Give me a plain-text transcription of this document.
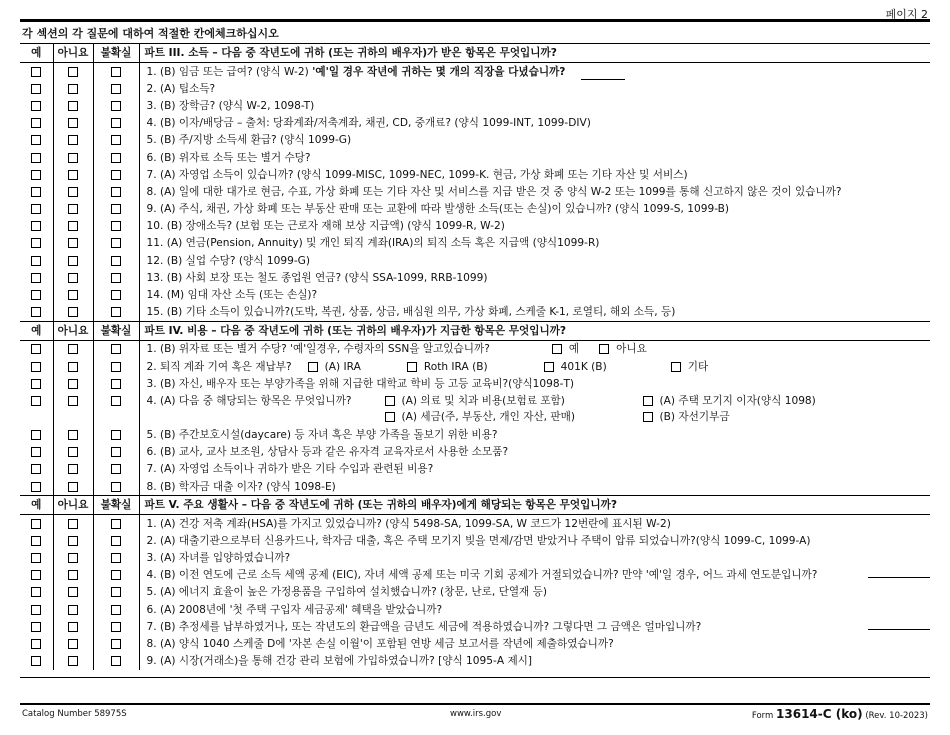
페이지 2
각 섹션의 각 질문에 대하여 적절한 칸에체크하십시오
예	아니요	불확실	파트 III. 소득 – 다음 중 작년도에 귀하 (또는 귀하의 배우자)가 받은 항목은 무엇입니까?
			1. (B) 임금 또는 급여? (양식 W-2) '예'일 경우 작년에 귀하는 몇 개의 직장을 다녔습니까?
			2. (A) 팁소득?
			3. (B) 장학금? (양식 W-2, 1098-T)
			4. (B) 이자/배당금 – 출처: 당좌계좌/저축계좌, 채권, CD, 중개료? (양식 1099-INT, 1099-DIV)
			5. (B) 주/지방 소득세 환급? (양식 1099-G)
			6. (B) 위자료 소득 또는 별거 수당?
			7. (A) 자영업 소득이 있습니까? (양식 1099-MISC, 1099-NEC, 1099-K. 현금, 가상 화폐 또는 기타 자산 및 서비스)
			8. (A) 일에 대한 대가로 현금, 수표, 가상 화폐 또는 기타 자산 및 서비스를 지급 받은 것 중 양식 W-2 또는 1099를 통해 신고하지 않은 것이 있습니까?
			9. (A) 주식, 채권, 가상 화폐 또는 부동산 판매 또는 교환에 따라 발생한 소득(또는 손실)이 있습니까? (양식 1099-S, 1099-B)
			10. (B) 장애소득? (보험 또는 근로자 재해 보상 지급액) (양식 1099-R, W-2)
			11. (A) 연금(Pension, Annuity) 및 개인 퇴직 계좌(IRA)의 퇴직 소득 혹은 지급액 (양식1099-R)
			12. (B) 실업 수당? (양식 1099-G)
			13. (B) 사회 보장 또는 철도 종업원 연금? (양식 SSA-1099, RRB-1099)
			14. (M) 임대 자산 소득 (또는 손실)?
			15. (B) 기타 소득이 있습니까?(도박, 복권, 상품, 상금, 배심원 의무, 가상 화폐, 스케줄 K-1, 로열티, 해외 소득, 등)
예	아니요	불확실	파트 IV. 비용 – 다음 중 작년도에 귀하 (또는 귀하의 배우자)가 지급한 항목은 무엇입니까?
			1. (B) 위자료 또는 별거 수당? '예'일경우, 수령자의 SSN을 알고있습니까? 예 아니요
			2. 퇴직 계좌 기여 혹은 재납부? (A) IRA Roth IRA (B) 401K (B) 기타
			3. (B) 자신, 배우자 또는 부양가족을 위해 지급한 대학교 학비 등 고등 교육비?(양식1098-T)

			4. (A) 다음 중 해당되는 항목은 무엇입니까? (A) 의료 및 치과 비용(보험료 포함) (A) 주택 모기지 이자(양식 1098)
(A) 세금(주, 부동산, 개인 자산, 판매) (B) 자선기부금

			5. (B) 주간보호시설(daycare) 등 자녀 혹은 부양 가족을 돌보기 위한 비용?
			6. (B) 교사, 교사 보조원, 상담사 등과 같은 유자격 교육자로서 사용한 소모품?
			7. (A) 자영업 소득이나 귀하가 받은 기타 수입과 관련된 비용?
			8. (B) 학자금 대출 이자? (양식 1098-E)
예	아니요	불확실	파트 V. 주요 생활사 – 다음 중 작년도에 귀하 (또는 귀하의 배우자)에게 해당되는 항목은 무엇입니까?
			1. (A) 건강 저축 계좌(HSA)를 가지고 있었습니까? (양식 5498-SA, 1099-SA, W 코드가 12번란에 표시된 W-2)
			2. (A) 대출기관으로부터 신용카드나, 학자금 대출, 혹은 주택 모기지 빚을 면제/감면 받았거나 주택이 압류 되었습니까?(양식 1099-C, 1099-A)
			3. (A) 자녀를 입양하였습니까?
			4. (B) 이전 연도에 근로 소득 세액 공제 (EIC), 자녀 세액 공제 또는 미국 기회 공제가 거절되었습니까? 만약 '예'일 경우, 어느 과세 연도분입니까?

			5. (A) 에너지 효율이 높은 가정용품을 구입하여 설치했습니까? (창문, 난로, 단열재 등)
			6. (A) 2008년에 '첫 주택 구입자 세금공제' 혜택을 받았습니까?
			7. (B) 추정세를 납부하였거나, 또는 작년도의 환급액을 금년도 세금에 적용하였습니까? 그렇다면 그 금액은 얼마입니까?

			8. (A) 양식 1040 스케줄 D에 '자본 손실 이월'이 포함된 연방 세금 보고서를 작년에 제출하였습니까?
			9. (A) 시장(거래소)을 통해 건강 관리 보험에 가입하였습니까? [양식 1095-A 제시]
Catalog Number 58975S	www.irs.gov	Form 13614-C (ko) (Rev. 10-2023)
